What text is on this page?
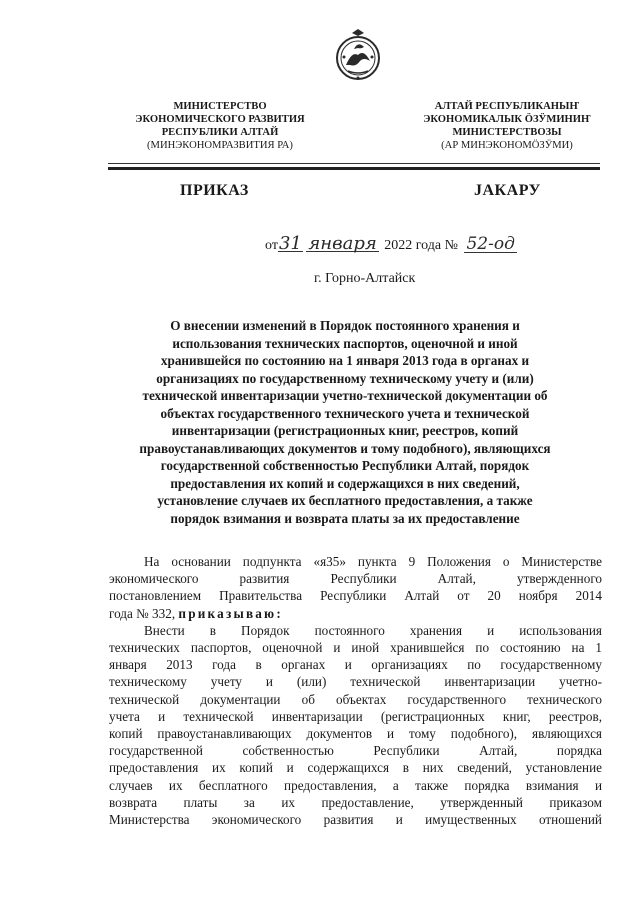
МИНИСТЕРСТВО
ЭКОНОМИЧЕСКОГО РАЗВИТИЯ
РЕСПУБЛИКИ АЛТАЙ
(МИНЭКОНОМРАЗВИТИЯ РА)
АЛТАЙ РЕСПУБЛИКАНЫҤ
ЭКОНОМИКАЛЫК ӦЗӰМИНИҤ
МИНИСТЕРСТВОЗЫ
(АР МИНЭКОНОМӦЗӰМИ)
ПРИКАЗ	JАКАРУ
от31 января 2022 года № 52-од
г. Горно-Алтайск
О внесении изменений в Порядок постоянного хранения и
использования технических паспортов, оценочной и иной
хранившейся по состоянию на 1 января 2013 года в органах и
организациях по государственному техническому учету и (или)
технической инвентаризации учетно-технической документации об
объектах государственного технического учета и технической
инвентаризации (регистрационных книг, реестров, копий
правоустанавливающих документов и тому подобного), являющихся
государственной собственностью Республики Алтай, порядок
предоставления их копий и содержащихся в них сведений,
установление случаев их бесплатного предоставления, а также
порядок взимания и возврата платы за их предоставление
На основании подпункта «я35» пункта 9 Положения о Министерстве
экономического развития Республики Алтай, утвержденного
постановлением Правительства Республики Алтай от 20 ноября 2014
года № 332, приказываю:
Внести в Порядок постоянного хранения и использования
технических паспортов, оценочной и иной хранившейся по состоянию на 1
января 2013 года в органах и организациях по государственному
техническому учету и (или) технической инвентаризации учетно-
технической документации об объектах государственного технического
учета и технической инвентаризации (регистрационных книг, реестров,
копий правоустанавливающих документов и тому подобного), являющихся
государственной собственностью Республики Алтай, порядка
предоставления их копий и содержащихся в них сведений, установление
случаев их бесплатного предоставления, а также порядка взимания и
возврата платы за их предоставление, утвержденный приказом
Министерства экономического развития и имущественных отношений
